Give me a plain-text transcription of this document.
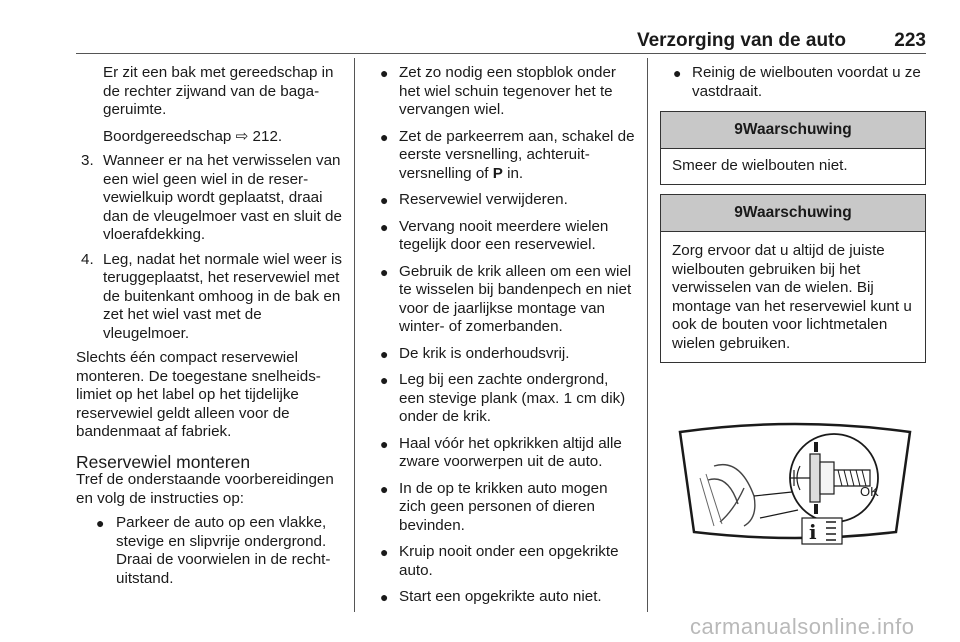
Verzorging van de auto	223

Er zit een bak met gereedschap in de rechter zijwand van de bagageruimte.

Boordgereedschap ⇨ 212.

3. Wanneer er na het verwisselen van een wiel geen wiel in de reservewielkuip wordt geplaatst, draai dan de vleugelmoer vast en sluit de vloerafdekking.
4. Leg, nadat het normale wiel weer is teruggeplaatst, het reservewiel met de buitenkant omhoog in de bak en zet het wiel vast met de vleugelmoer.

Slechts één compact reservewiel monteren. De toegestane snelheidslimiet op het label op het tijdelijke reservewiel geldt alleen voor de bandenmaat af fabriek.

Reservewiel monteren

Tref de onderstaande voorbereidingen en volg de instructies op:

● Parkeer de auto op een vlakke, stevige en slipvrije ondergrond. Draai de voorwielen in de rechtuitstand.
● Zet zo nodig een stopblok onder het wiel schuin tegenover het te vervangen wiel.
● Zet de parkeerrem aan, schakel de eerste versnelling, achteruitversnelling of P in.
● Reservewiel verwijderen.
● Vervang nooit meerdere wielen tegelijk door een reservewiel.
● Gebruik de krik alleen om een wiel te wisselen bij bandenpech en niet voor de jaarlijkse montage van winter- of zomerbanden.
● De krik is onderhoudsvrij.
● Leg bij een zachte ondergrond, een stevige plank (max. 1 cm dik) onder de krik.
● Haal vóór het opkrikken altijd alle zware voorwerpen uit de auto.
● In de op te krikken auto mogen zich geen personen of dieren bevinden.
● Kruip nooit onder een opgekrikte auto.
● Start een opgekrikte auto niet.
● Reinig de wielbouten voordat u ze vastdraait.
9Waarschuwing
Smeer de wielbouten niet.
9Waarschuwing
Zorg ervoor dat u altijd de juiste wielbouten gebruiken bij het verwisselen van de wielen. Bij montage van het reservewiel kunt u ook de bouten voor lichtmetalen wielen gebruiken.
i
OK
carmanualsonline.info
